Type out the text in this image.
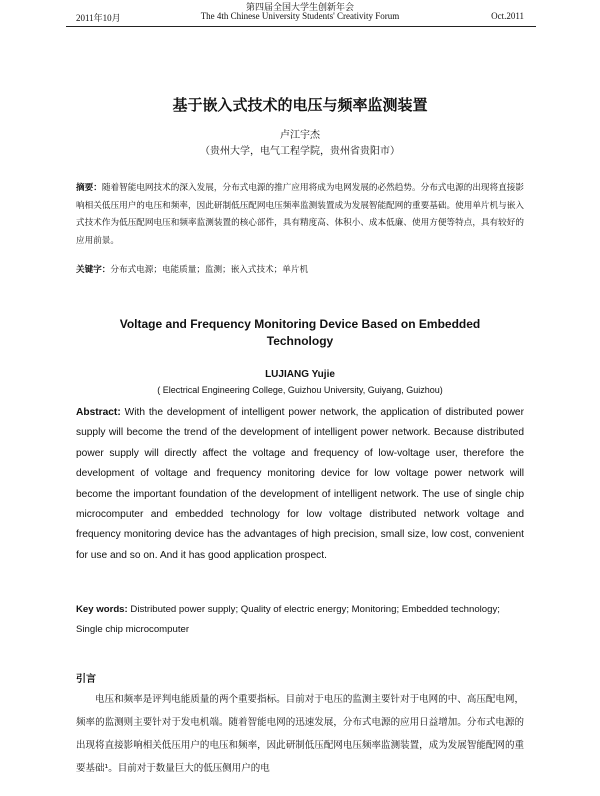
第四届全国大学生创新年会
2011年10月	The 4th Chinese University Students' Creativity Forum	Oct.2011
基于嵌入式技术的电压与频率监测装置
卢江宇杰
（贵州大学，电气工程学院，贵州省贵阳市）
摘要：随着智能电网技术的深入发展，分布式电源的推广应用将成为电网发展的必然趋势。分布式电源的出现将直接影响相关低压用户的电压和频率，因此研制低压配网电压频率监测装置成为发展智能配网的重要基础。使用单片机与嵌入式技术作为低压配网电压和频率监测装置的核心部件，具有精度高、体积小、成本低廉、使用方便等特点，具有较好的应用前景。
关键字：分布式电源；电能质量；监测；嵌入式技术；单片机
Voltage and Frequency Monitoring Device Based on Embedded Technology
LUJIANG Yujie
( Electrical Engineering College, Guizhou University, Guiyang, Guizhou)
Abstract: With the development of intelligent power network, the application of distributed power supply will become the trend of the development of intelligent power network. Because distributed power supply will directly affect the voltage and frequency of low-voltage user, therefore the development of voltage and frequency monitoring device for low voltage power network will become the important foundation of the development of intelligent network. The use of single chip microcomputer and embedded technology for low voltage distributed network voltage and frequency monitoring device has the advantages of high precision, small size, low cost, convenient for use and so on. And it has good application prospect.
Key words: Distributed power supply; Quality of electric energy; Monitoring; Embedded technology; Single chip microcomputer
引言
电压和频率是评判电能质量的两个重要指标。目前对于电压的监测主要针对于电网的中、高压配电网，频率的监测则主要针对于发电机端。随着智能电网的迅速发展，分布式电源的应用日益增加。分布式电源的出现将直接影响相关低压用户的电压和频率，因此研制低压配网电压频率监测装置，成为发展智能配网的重要基础¹。目前对于数量巨大的低压侧用户的电
